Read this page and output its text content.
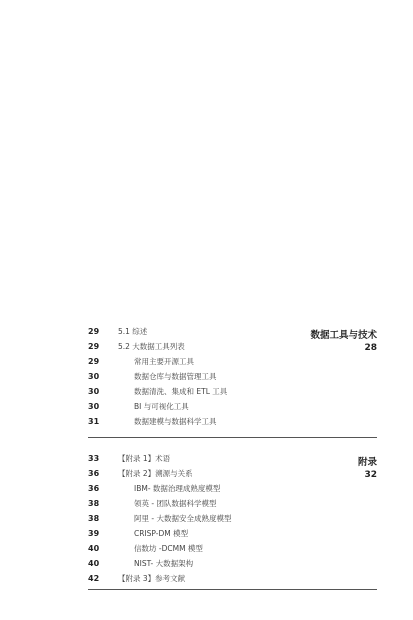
数据工具与技术
28
29	5.1 综述
29	5.2 大数据工具列表
29	常用主要开源工具
30	数据仓库与数据管理工具
30	数据清洗、集成和 ETL 工具
30	BI 与可视化工具
31	数据建模与数据科学工具
附录
32
33	【附录 1】术语
36	【附录 2】溯源与关系
36	IBM- 数据治理成熟度模型
38	领英 - 团队数据科学模型
38	阿里 - 大数据安全成熟度模型
39	CRISP-DM 模型
40	信数坊 -DCMM 模型
40	NIST- 大数据架构
42	【附录 3】参考文献
